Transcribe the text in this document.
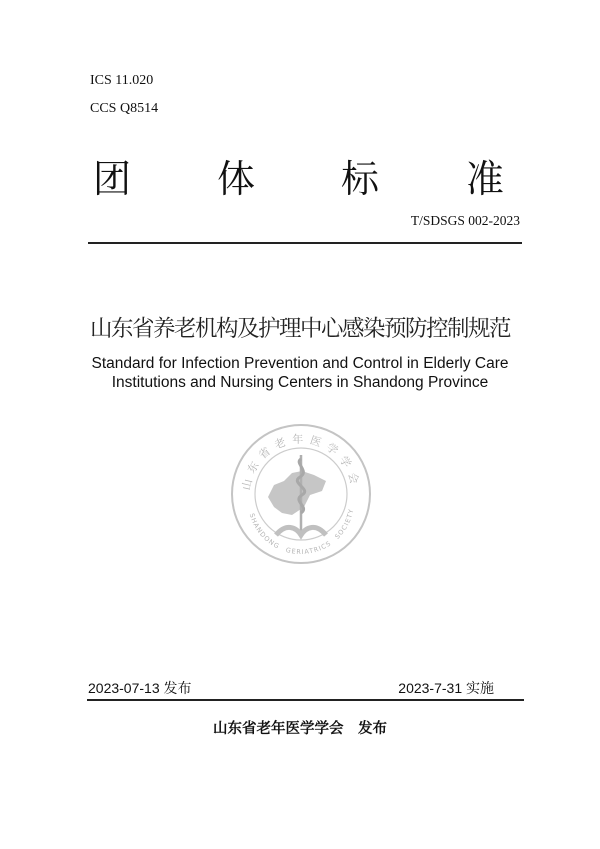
ICS 11.020
CCS Q8514
团 体 标 准
T/SDSGS 002-2023
山东省养老机构及护理中心感染预防控制规范
Standard for Infection Prevention and Control in Elderly Care
Institutions and Nursing Centers in Shandong Province
山东省老年医学学会
SHANDONG　GERIATRICS　SOCIETY
2023-07-13 发布	2023-7-31 实施
山东省老年医学学会　发布
